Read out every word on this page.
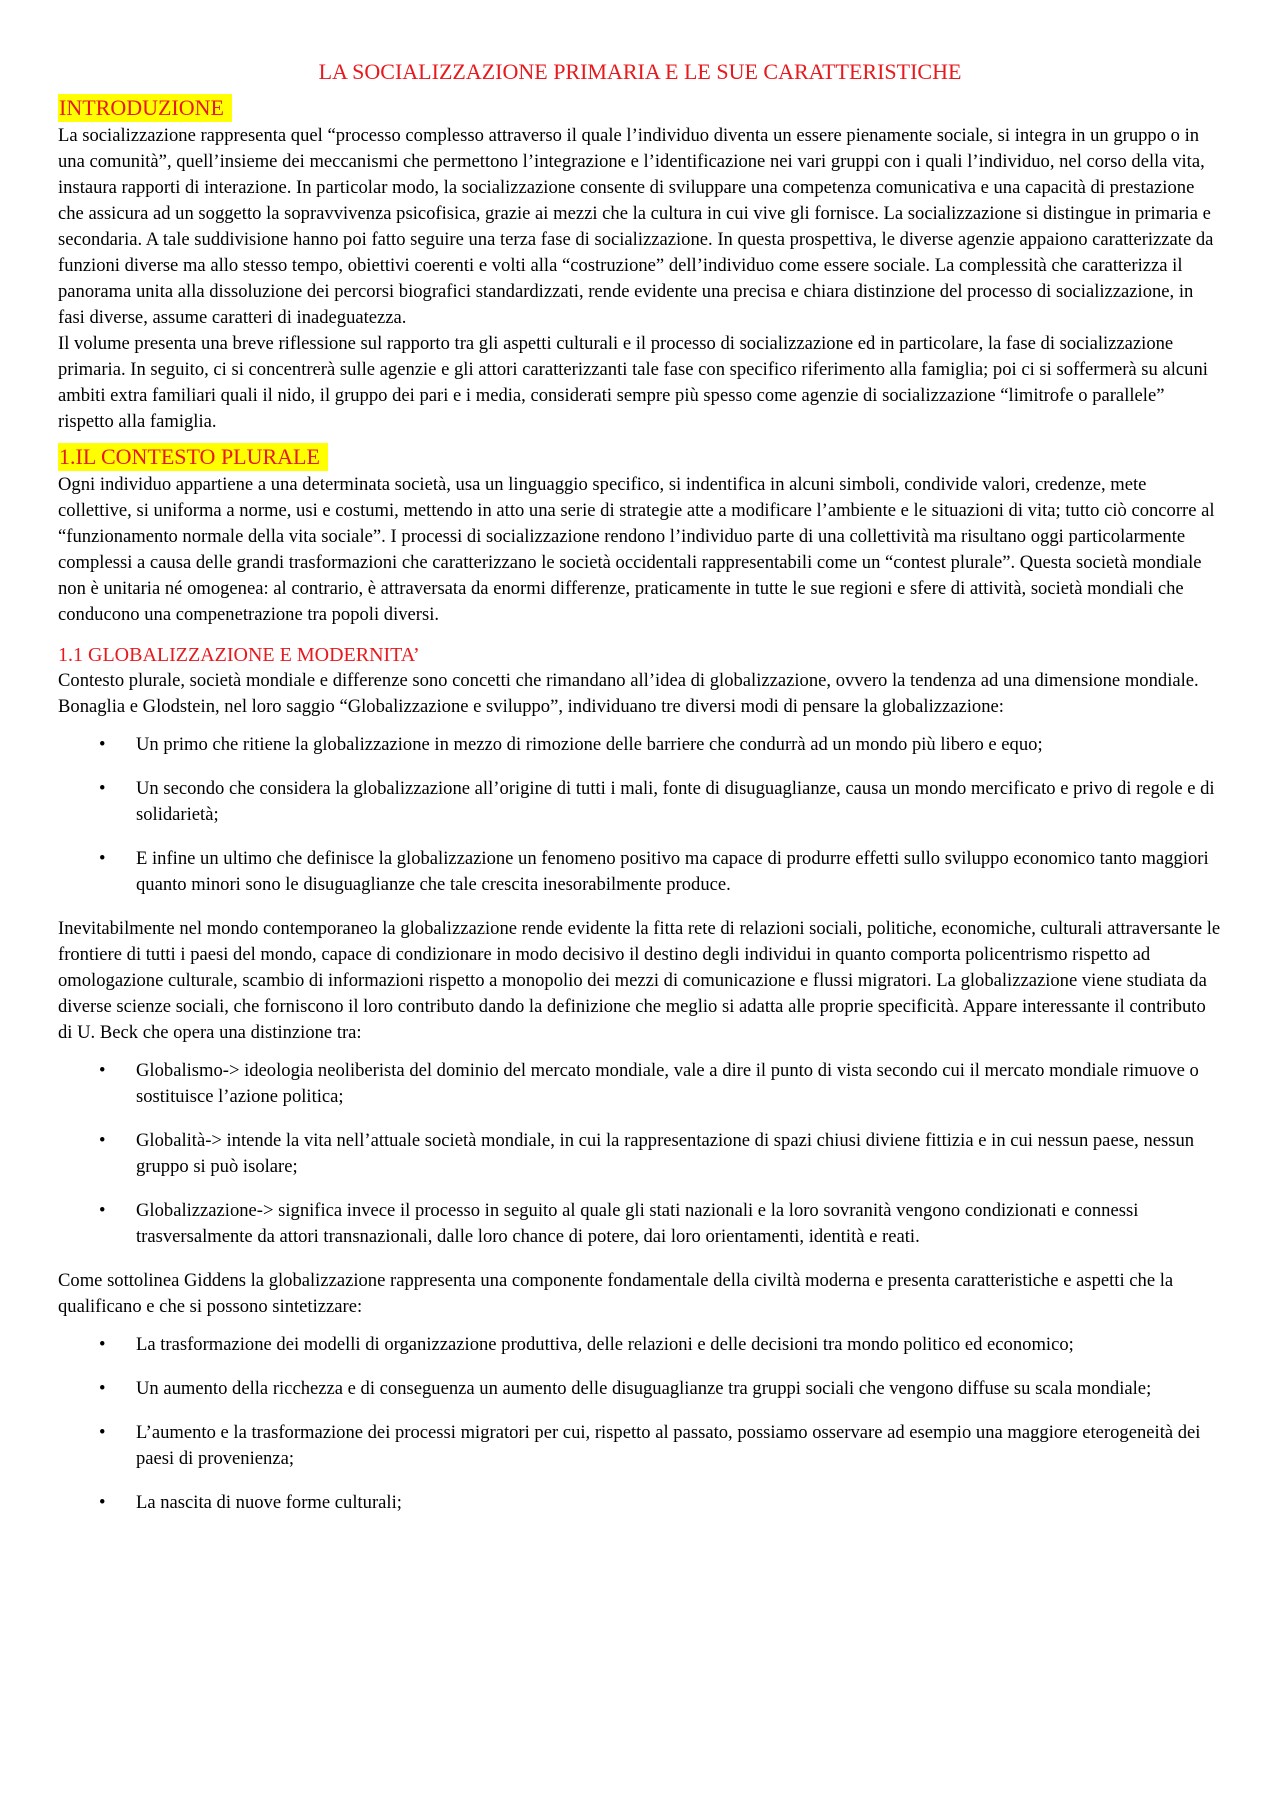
LA SOCIALIZZAZIONE PRIMARIA E LE SUE CARATTERISTICHE
INTRODUZIONE

La socializzazione rappresenta quel “processo complesso attraverso il quale l’individuo diventa un essere pienamente sociale, si integra in un gruppo o in una comunità”, quell’insieme dei meccanismi che permettono l’integrazione e l’identificazione nei vari gruppi con i quali l’individuo, nel corso della vita, instaura rapporti di interazione. In particolar modo, la socializzazione consente di sviluppare una competenza comunicativa e una capacità di prestazione che assicura ad un soggetto la sopravvivenza psicofisica, grazie ai mezzi che la cultura in cui vive gli fornisce. La socializzazione si distingue in primaria e secondaria. A tale suddivisione hanno poi fatto seguire una terza fase di socializzazione. In questa prospettiva, le diverse agenzie appaiono caratterizzate da funzioni diverse ma allo stesso tempo, obiettivi coerenti e volti alla “costruzione” dell’individuo come essere sociale. La complessità che caratterizza il panorama unita alla dissoluzione dei percorsi biografici standardizzati, rende evidente una precisa e chiara distinzione del processo di socializzazione, in fasi diverse, assume caratteri di inadeguatezza.

Il volume presenta una breve riflessione sul rapporto tra gli aspetti culturali e il processo di socializzazione ed in particolare, la fase di socializzazione primaria. In seguito, ci si concentrerà sulle agenzie e gli attori caratterizzanti tale fase con specifico riferimento alla famiglia; poi ci si soffermerà su alcuni ambiti extra familiari quali il nido, il gruppo dei pari e i media, considerati sempre più spesso come agenzie di socializzazione “limitrofe o parallele” rispetto alla famiglia.

1.IL CONTESTO PLURALE

Ogni individuo appartiene a una determinata società, usa un linguaggio specifico, si indentifica in alcuni simboli, condivide valori, credenze, mete collettive, si uniforma a norme, usi e costumi, mettendo in atto una serie di strategie atte a modificare l’ambiente e le situazioni di vita; tutto ciò concorre al “funzionamento normale della vita sociale”. I processi di socializzazione rendono l’individuo parte di una collettività ma risultano oggi particolarmente complessi a causa delle grandi trasformazioni che caratterizzano le società occidentali rappresentabili come un “contest plurale”. Questa società mondiale non è unitaria né omogenea: al contrario, è attraversata da enormi differenze, praticamente in tutte le sue regioni e sfere di attività, società mondiali che conducono una compenetrazione tra popoli diversi.

1.1 GLOBALIZZAZIONE E MODERNITA’

Contesto plurale, società mondiale e differenze sono concetti che rimandano all’idea di globalizzazione, ovvero la tendenza ad una dimensione mondiale. Bonaglia e Glodstein, nel loro saggio “Globalizzazione e sviluppo”, individuano tre diversi modi di pensare la globalizzazione:

• Un primo che ritiene la globalizzazione in mezzo di rimozione delle barriere che condurrà ad un mondo più libero e equo;
• Un secondo che considera la globalizzazione all’origine di tutti i mali, fonte di disuguaglianze, causa un mondo mercificato e privo di regole e di solidarietà;
• E infine un ultimo che definisce la globalizzazione un fenomeno positivo ma capace di produrre effetti sullo sviluppo economico tanto maggiori quanto minori sono le disuguaglianze che tale crescita inesorabilmente produce.

Inevitabilmente nel mondo contemporaneo la globalizzazione rende evidente la fitta rete di relazioni sociali, politiche, economiche, culturali attraversante le frontiere di tutti i paesi del mondo, capace di condizionare in modo decisivo il destino degli individui in quanto comporta policentrismo rispetto ad omologazione culturale, scambio di informazioni rispetto a monopolio dei mezzi di comunicazione e flussi migratori. La globalizzazione viene studiata da diverse scienze sociali, che forniscono il loro contributo dando la definizione che meglio si adatta alle proprie specificità. Appare interessante il contributo di U. Beck che opera una distinzione tra:

• Globalismo-> ideologia neoliberista del dominio del mercato mondiale, vale a dire il punto di vista secondo cui il mercato mondiale rimuove o sostituisce l’azione politica;
• Globalità-> intende la vita nell’attuale società mondiale, in cui la rappresentazione di spazi chiusi diviene fittizia e in cui nessun paese, nessun gruppo si può isolare;
• Globalizzazione-> significa invece il processo in seguito al quale gli stati nazionali e la loro sovranità vengono condizionati e connessi trasversalmente da attori transnazionali, dalle loro chance di potere, dai loro orientamenti, identità e reati.

Come sottolinea Giddens la globalizzazione rappresenta una componente fondamentale della civiltà moderna e presenta caratteristiche e aspetti che la qualificano e che si possono sintetizzare:

• La trasformazione dei modelli di organizzazione produttiva, delle relazioni e delle decisioni tra mondo politico ed economico;
• Un aumento della ricchezza e di conseguenza un aumento delle disuguaglianze tra gruppi sociali che vengono diffuse su scala mondiale;
• L’aumento e la trasformazione dei processi migratori per cui, rispetto al passato, possiamo osservare ad esempio una maggiore eterogeneità dei paesi di provenienza;
• La nascita di nuove forme culturali;
